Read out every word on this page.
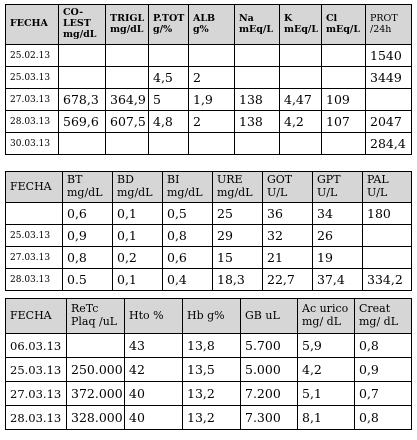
FECHA	CO-LEST mg/dL	TRIGL mg/dL	P.TOT g/%	ALB g%	Na mEq/L	K mEq/L	Cl mEq/L	PROT /24h
25.02.13								1540
25.03.13			4,5	2				3449
27.03.13	678,3	364,9	5	1,9	138	4,47	109	
28.03.13	569,6	607,5	4,8	2	138	4,2	107	2047
30.03.13								284,4
FECHA	BT mg/dL	BD mg/dL	BI mg/dL	URE mg/dL	GOT U/L	GPT U/L	PAL U/L
	0,6	0,1	0,5	25	36	34	180
25.03.13	0,9	0,1	0,8	29	32	26	
27.03.13	0,8	0,2	0,6	15	21	19	
28.03.13	0.5	0,1	0,4	18,3	22,7	37,4	334,2
FECHA	ReTc Plaq /uL	Hto %	Hb g%	GB uL	Ac urico mg/ dL	Creat mg/ dL
06.03.13		43	13,8	5.700	5,9	0,8
25.03.13	250.000	42	13,5	5.000	4,2	0,9
27.03.13	372.000	40	13,2	7.200	5,1	0,7
28.03.13	328.000	40	13,2	7.300	8,1	0,8
